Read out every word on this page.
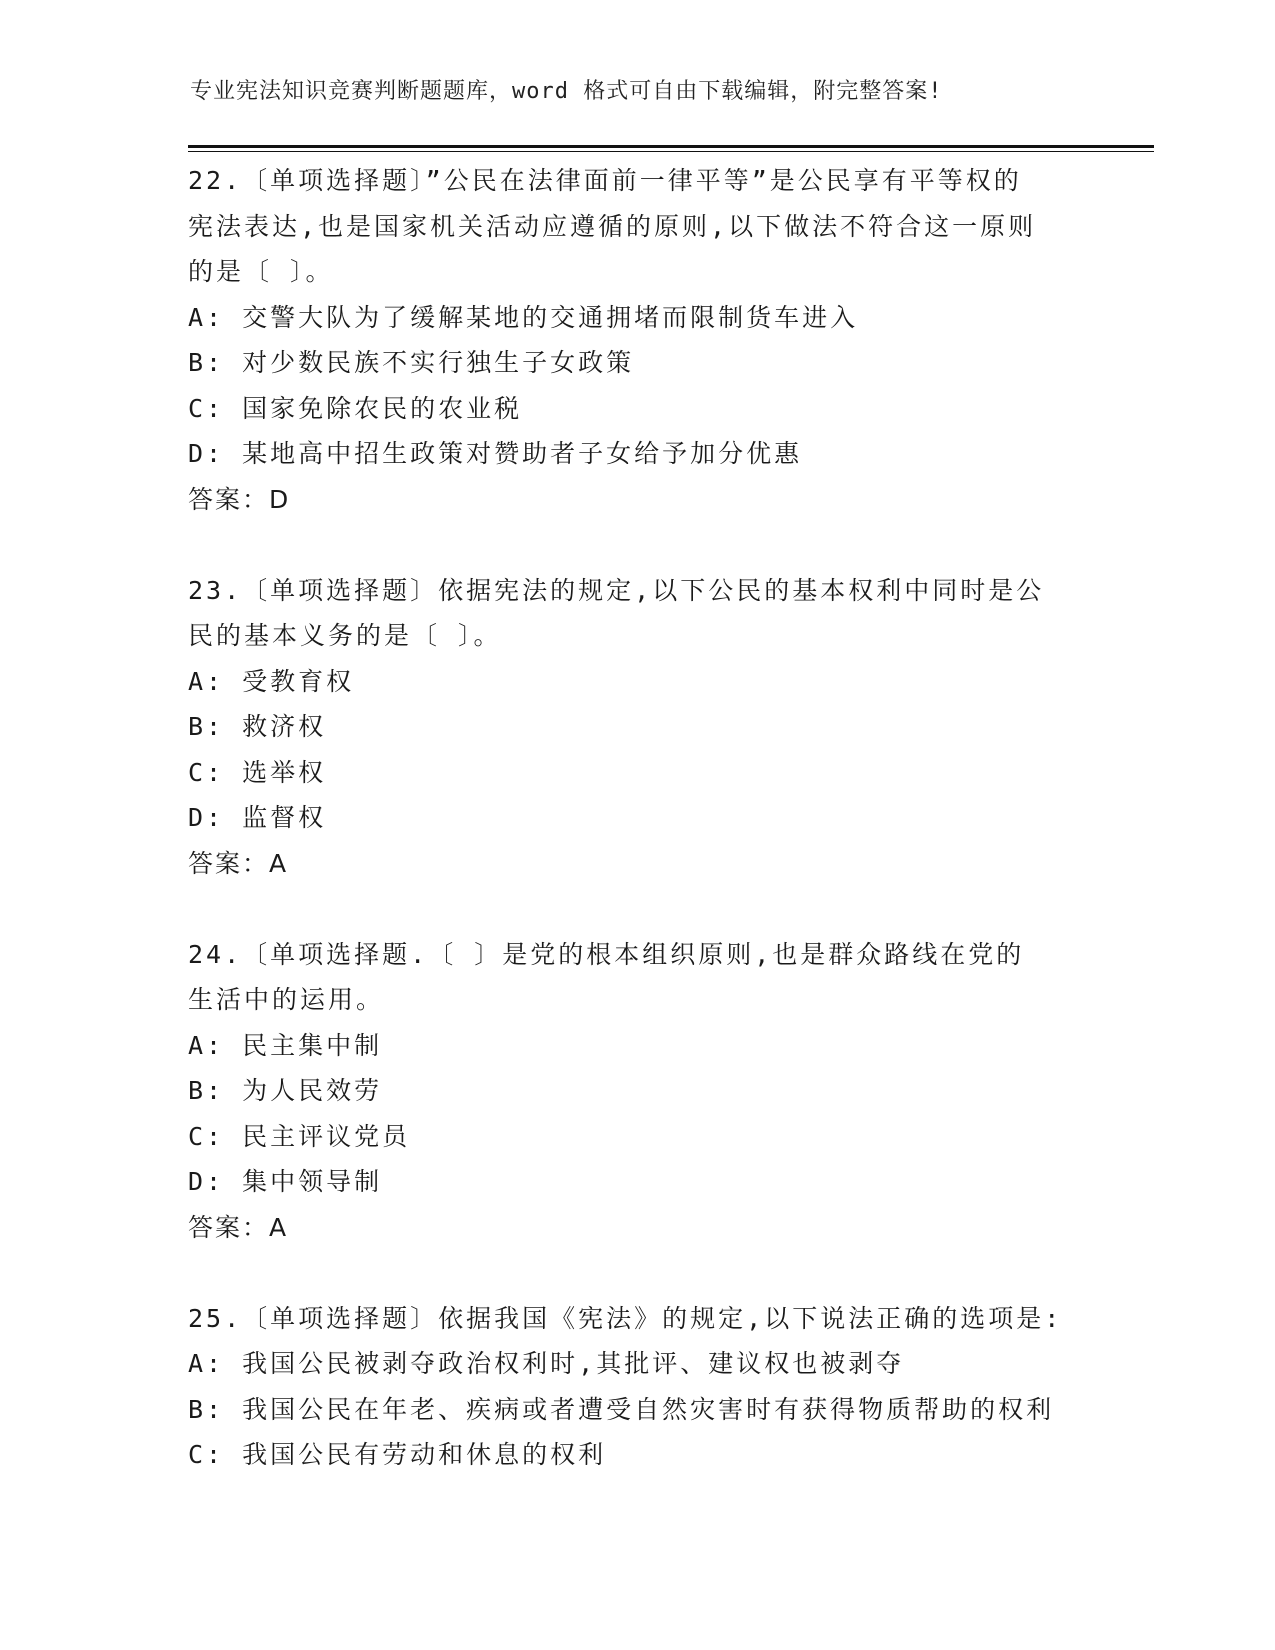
专业宪法知识竞赛判断题题库，word 格式可自由下载编辑，附完整答案!
22.〔单项选择题〕”公民在法律面前一律平等”是公民享有平等权的
宪法表达,也是国家机关活动应遵循的原则,以下做法不符合这一原则
的是〔 〕。
A: 交警大队为了缓解某地的交通拥堵而限制货车进入
B: 对少数民族不实行独生子女政策
C: 国家免除农民的农业税
D: 某地高中招生政策对赞助者子女给予加分优惠
答案：D
23.〔单项选择题〕依据宪法的规定,以下公民的基本权利中同时是公
民的基本义务的是〔 〕。
A: 受教育权
B: 救济权
C: 选举权
D: 监督权
答案：A
24.〔单项选择题.〔 〕是党的根本组织原则,也是群众路线在党的
生活中的运用。
A: 民主集中制
B: 为人民效劳
C: 民主评议党员
D: 集中领导制
答案：A
25.〔单项选择题〕依据我国《宪法》的规定,以下说法正确的选项是:
A: 我国公民被剥夺政治权利时,其批评、建议权也被剥夺
B: 我国公民在年老、疾病或者遭受自然灾害时有获得物质帮助的权利
C: 我国公民有劳动和休息的权利
